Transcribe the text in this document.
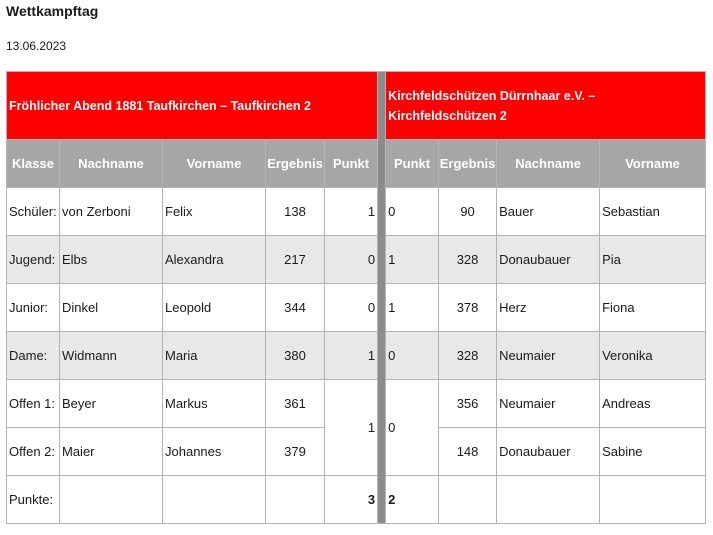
Wettkampftag
13.06.2023
Fröhlicher Abend 1881 Taufkirchen – Taufkirchen 2						Kirchfeldschützen Dürrnhaar e.V. – Kirchfeldschützen 2			
Klasse	Nachname	Vorname	Ergebnis	Punkt		Punkt	Ergebnis	Nachname	Vorname
Schüler:	von Zerboni	Felix	138	1		0	90	Bauer	Sebastian
Jugend:	Elbs	Alexandra	217	0		1	328	Donaubauer	Pia
Junior:	Dinkel	Leopold	344	0		1	378	Herz	Fiona
Dame:	Widmann	Maria	380	1		0	328	Neumaier	Veronika
Offen 1:	Beyer	Markus	361	1		0	356	Neumaier	Andreas
Offen 2:	Maier	Johannes	379				148	Donaubauer	Sabine
Punkte:				3		2			
